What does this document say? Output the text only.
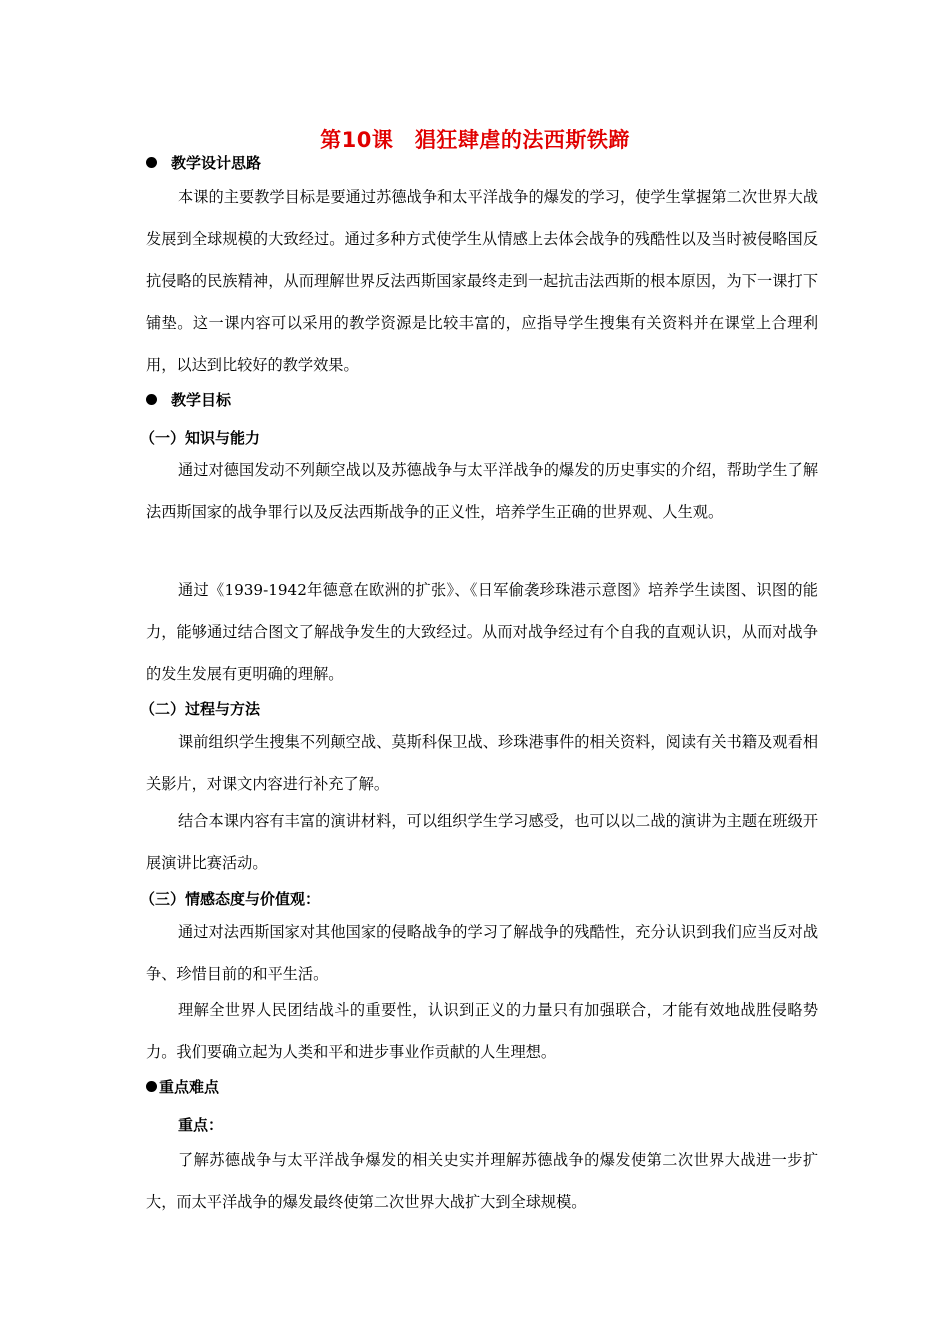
第10课　猖狂肆虐的法西斯铁蹄
教学设计思路
本课的主要教学目标是要通过苏德战争和太平洋战争的爆发的学习，使学生掌握第二次世界大战发展到全球规模的大致经过。通过多种方式使学生从情感上去体会战争的残酷性以及当时被侵略国反抗侵略的民族精神，从而理解世界反法西斯国家最终走到一起抗击法西斯的根本原因，为下一课打下铺垫。这一课内容可以采用的教学资源是比较丰富的，应指导学生搜集有关资料并在课堂上合理利用，以达到比较好的教学效果。
教学目标
（一）知识与能力
通过对德国发动不列颠空战以及苏德战争与太平洋战争的爆发的历史事实的介绍，帮助学生了解法西斯国家的战争罪行以及反法西斯战争的正义性，培养学生正确的世界观、人生观。
通过《1939-1942年德意在欧洲的扩张》、《日军偷袭珍珠港示意图》培养学生读图、识图的能力，能够通过结合图文了解战争发生的大致经过。从而对战争经过有个自我的直观认识，从而对战争的发生发展有更明确的理解。
（二）过程与方法
课前组织学生搜集不列颠空战、莫斯科保卫战、珍珠港事件的相关资料，阅读有关书籍及观看相关影片，对课文内容进行补充了解。
结合本课内容有丰富的演讲材料，可以组织学生学习感受，也可以以二战的演讲为主题在班级开展演讲比赛活动。
（三）情感态度与价值观：
通过对法西斯国家对其他国家的侵略战争的学习了解战争的残酷性，充分认识到我们应当反对战争、珍惜目前的和平生活。
理解全世界人民团结战斗的重要性，认识到正义的力量只有加强联合，才能有效地战胜侵略势力。我们要确立起为人类和平和进步事业作贡献的人生理想。
重点难点
重点：
了解苏德战争与太平洋战争爆发的相关史实并理解苏德战争的爆发使第二次世界大战进一步扩大，而太平洋战争的爆发最终使第二次世界大战扩大到全球规模。
